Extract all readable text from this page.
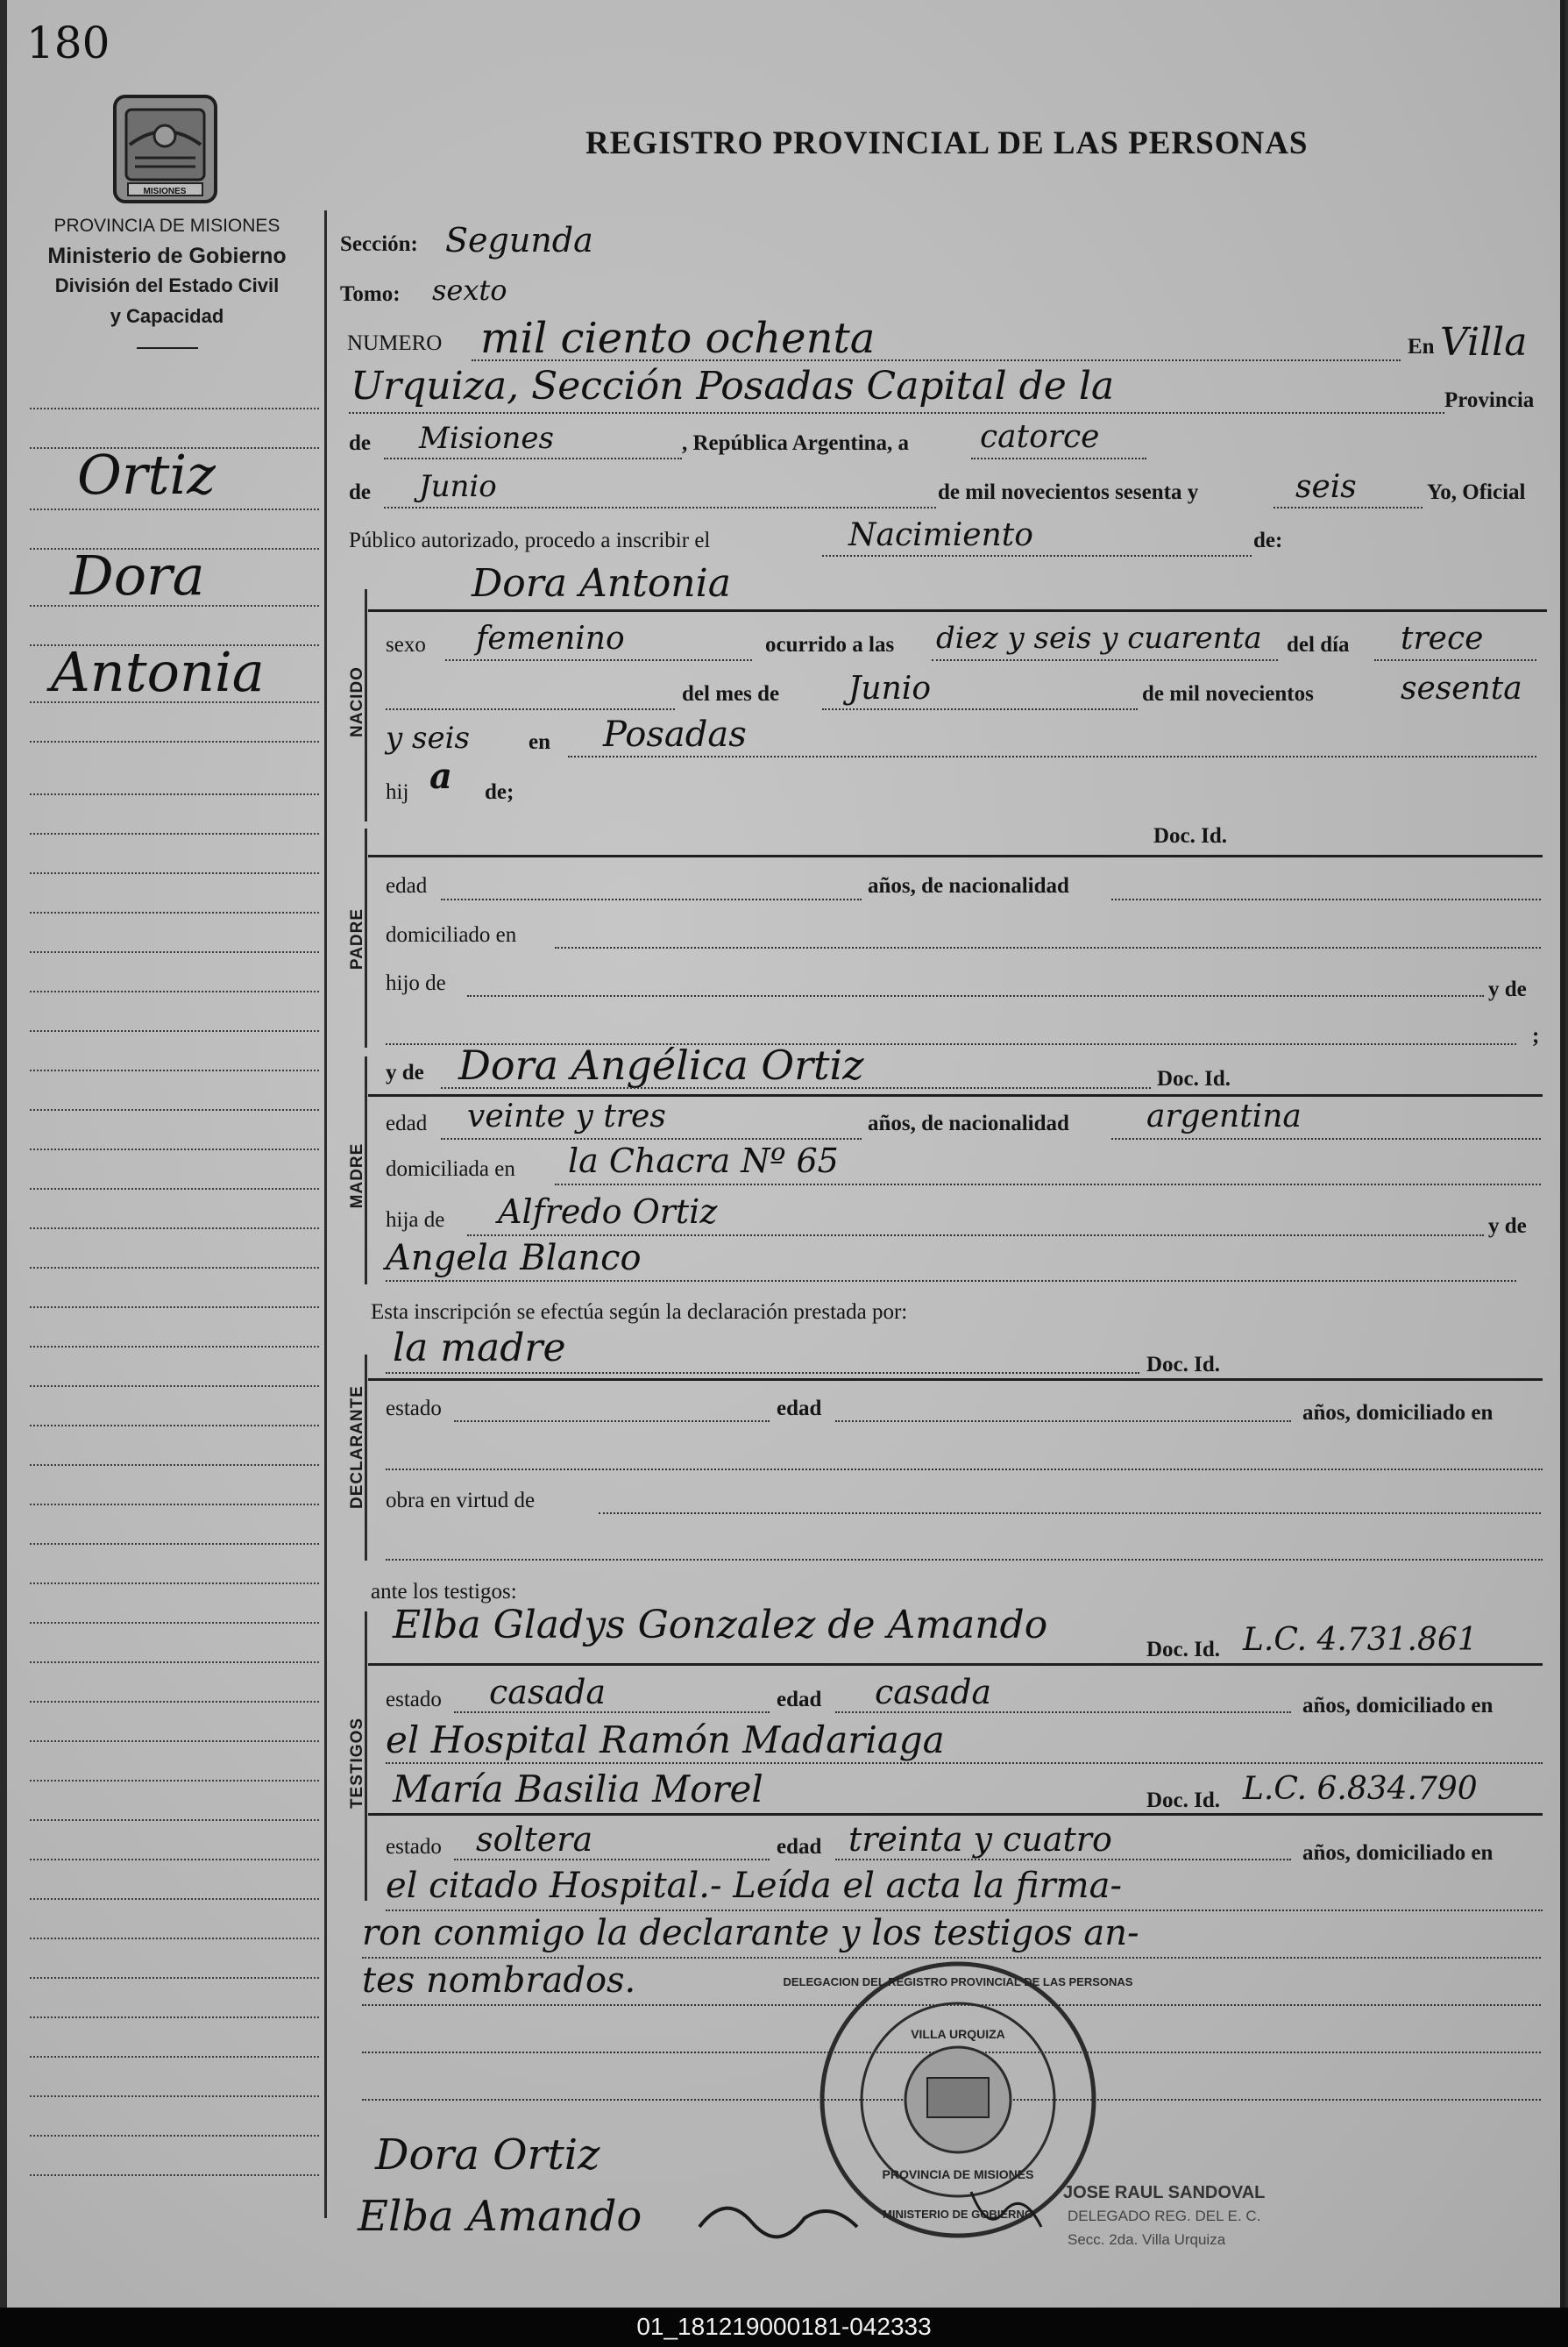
180
MISIONES
PROVINCIA DE MISIONES
Ministerio de Gobierno
División del Estado Civil
y Capacidad
REGISTRO PROVINCIAL DE LAS PERSONAS
Ortiz
Dora
Antonia
Sección: Segunda
Tomo: sexto
NUMERO mil ciento ochenta	En Villa
Urquiza, Sección Posadas Capital de la	Provincia
de Misiones	, República Argentina, a catorce
de Junio	de mil novecientos sesenta y	seis	Yo, Oficial
Público autorizado, procedo a inscribir el	Nacimiento	de:
NACIDO
Dora Antonia
sexo femenino	ocurrido a las diez y seis y cuarenta del día trece
del mes de Junio	de mil novecientos	sesenta
y seis	en Posadas
hij a de;
PADRE
Doc. Id.
edad	años, de nacionalidad
domiciliado en
hijo de	y de
;
MADRE
y de Dora Angélica Ortiz	Doc. Id.
edad veinte y tres	años, de nacionalidad argentina
domiciliada en la Chacra Nº 65
hija de Alfredo Ortiz	y de
Angela Blanco
Esta inscripción se efectúa según la declaración prestada por:
DECLARANTE
la madre	Doc. Id.
estado	edad	años, domiciliado en
obra en virtud de
ante los testigos:
TESTIGOS
Elba Gladys Gonzalez de Amando
Doc. Id. L.C. 4.731.861
estado casada	edad casada	años, domiciliado en
el Hospital Ramón Madariaga
María Basilia Morel	Doc. Id. L.C. 6.834.790
estado soltera	edad treinta y cuatro	años, domiciliado en
el citado Hospital.- Leída el acta la firma-
ron conmigo la declarante y los testigos an-
tes nombrados.	DELEGACION DEL REGISTRO PROVINCIAL DE LAS PERSONAS
VILLA URQUIZA
PROVINCIA DE MISIONES
MINISTERIO DE GOBIERNO
JOSE RAUL SANDOVAL
DELEGADO REG. DEL E. C.
Secc. 2da. Villa Urquiza
Dora Ortiz
Elba Amando
01_181219000181-042333
